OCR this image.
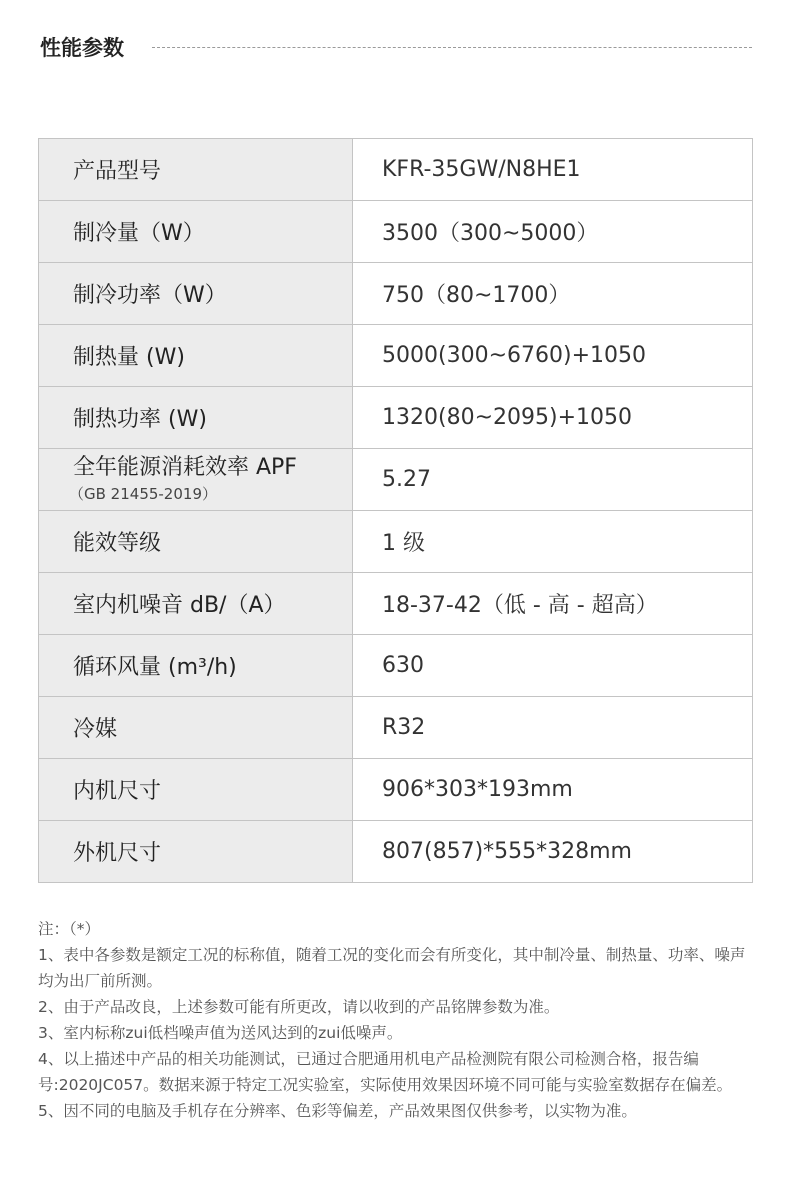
性能参数
产品型号	KFR-35GW/N8HE1
制冷量（W）	3500（300~5000）
制冷功率（W）	750（80~1700）
制热量 (W)	5000(300~6760)+1050
制热功率 (W)	1320(80~2095)+1050

全年能源消耗效率 APF
（GB 21455-2019）	5.27
能效等级	1 级
室内机噪音 dB/（A）	18-37-42（低 - 高 - 超高）
循环风量 (m³/h)	630
冷媒	R32
内机尺寸	906*303*193mm
外机尺寸	807(857)*555*328mm

注：（*）

1、表中各参数是额定工况的标称值，随着工况的变化而会有所变化，其中制冷量、制热量、功率、噪声均为出厂前所测。

2、由于产品改良，上述参数可能有所更改，请以收到的产品铭牌参数为准。

3、室内标称zui低档噪声值为送风达到的zui低噪声。

4、以上描述中产品的相关功能测试，已通过合肥通用机电产品检测院有限公司检测合格，报告编号:2020JC057。数据来源于特定工况实验室，实际使用效果因环境不同可能与实验室数据存在偏差。

5、因不同的电脑及手机存在分辨率、色彩等偏差，产品效果图仅供参考，以实物为准。
